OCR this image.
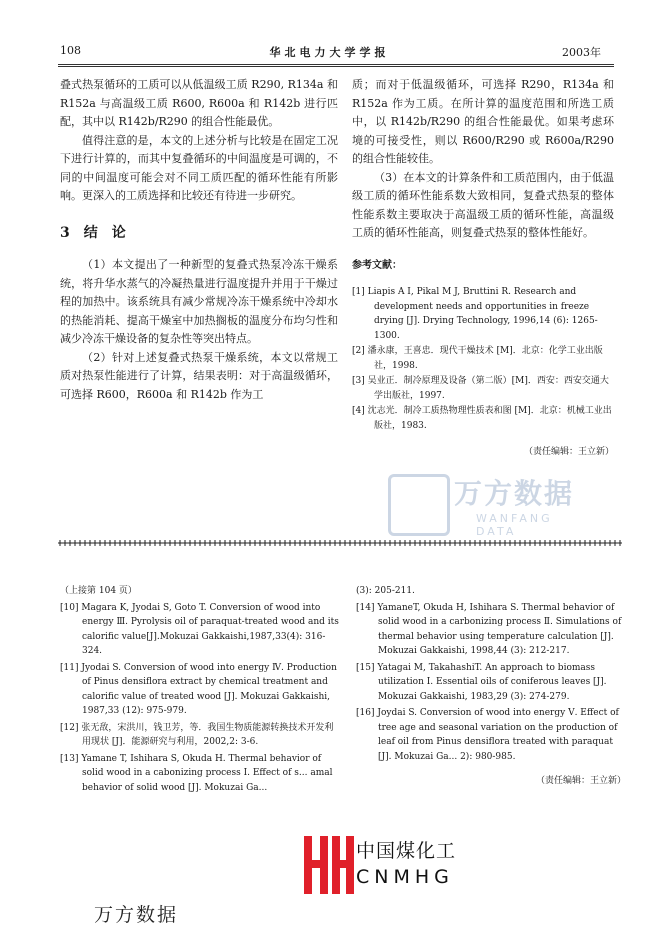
108	华北电力大学学报	2003年

叠式热泵循环的工质可以从低温级工质 R290, R134a 和 R152a 与高温级工质 R600, R600a 和 R142b 进行匹配，其中以 R142b/R290 的组合性能最优。

值得注意的是，本文的上述分析与比较是在固定工况下进行计算的，而其中复叠循环的中间温度是可调的，不同的中间温度可能会对不同工质匹配的循环性能有所影响。更深入的工质选择和比较还有待进一步研究。

3　结　论

（1）本文提出了一种新型的复叠式热泵冷冻干燥系统，将升华水蒸气的冷凝热量进行温度提升并用于干燥过程的加热中。该系统具有减少常规冷冻干燥系统中冷却水的热能消耗、提高干燥室中加热搁板的温度分布均匀性和减少冷冻干燥设备的复杂性等突出特点。

（2）针对上述复叠式热泵干燥系统，本文以常规工质对热泵性能进行了计算，结果表明：对于高温级循环，可选择 R600，R600a 和 R142b 作为工

质；而对于低温级循环，可选择 R290，R134a 和 R152a 作为工质。在所计算的温度范围和所选工质中，以 R142b/R290 的组合性能最优。如果考虑环境的可接受性，则以 R600/R290 或 R600a/R290 的组合性能较佳。

（3）在本文的计算条件和工质范围内，由于低温级工质的循环性能系数大致相同，复叠式热泵的整体性能系数主要取决于高温级工质的循环性能，高温级工质的循环性能高，则复叠式热泵的整体性能好。

参考文献：

[1] Liapis A I, Pikal M J, Bruttini R. Research and development needs and opportunities in freeze drying [J]. Drying Technology, 1996,14 (6): 1265-1300.

[2] 潘永康，王喜忠．现代干燥技术 [M]．北京：化学工业出版社，1998.

[3] 吴业正．制冷原理及设备（第二版）[M]．西安：西安交通大学出版社，1997.

[4] 沈志光．制冷工质热物理性质表和图 [M]．北京：机械工业出版社，1983.

（责任编辑：王立新）

万方数据
WANFANG DATA

（上接第 104 页）

[10] Magara K, Jyodai S, Goto T. Conversion of wood into energy Ⅲ. Pyrolysis oil of paraquat-treated wood and its calorific value[J].Mokuzai Gakkaishi,1987,33(4): 316-324.

[11] Jyodai S. Conversion of wood into energy Ⅳ. Production of Pinus densiflora extract by chemical treatment and calorific value of treated wood [J]. Mokuzai Gakkaishi, 1987,33 (12): 975-979.

[12] 张无敌，宋洪川，钱卫芳，等．我国生物质能源转换技术开发利用现状 [J]．能源研究与利用，2002,2: 3-6.

[13] Yamane T, Ishihara S, Okuda H. Thermal behavior of solid wood in a cabonizing process Ⅰ. Effect of s... amal behavior of solid wood [J]. Mokuzai Ga...

(3): 205-211.

[14] YamaneT, Okuda H, Ishihara S. Thermal behavior of solid wood in a carbonizing process Ⅱ. Simulations of thermal behavior using temperature calculation [J]. Mokuzai Gakkaishi, 1998,44 (3): 212-217.

[15] Yatagai M, TakahashiT. An approach to biomass utilization Ⅰ. Essential oils of coniferous leaves [J]. Mokuzai Gakkaishi, 1983,29 (3): 274-279.

[16] Joydai S. Conversion of wood into energy Ⅴ. Effect of tree age and seasonal variation on the production of leaf oil from Pinus densiflora treated with paraquat [J]. Mokuzai Ga... 2): 980-985.

（责任编辑：王立新）

中国煤化工
CNMHG
万方数据
